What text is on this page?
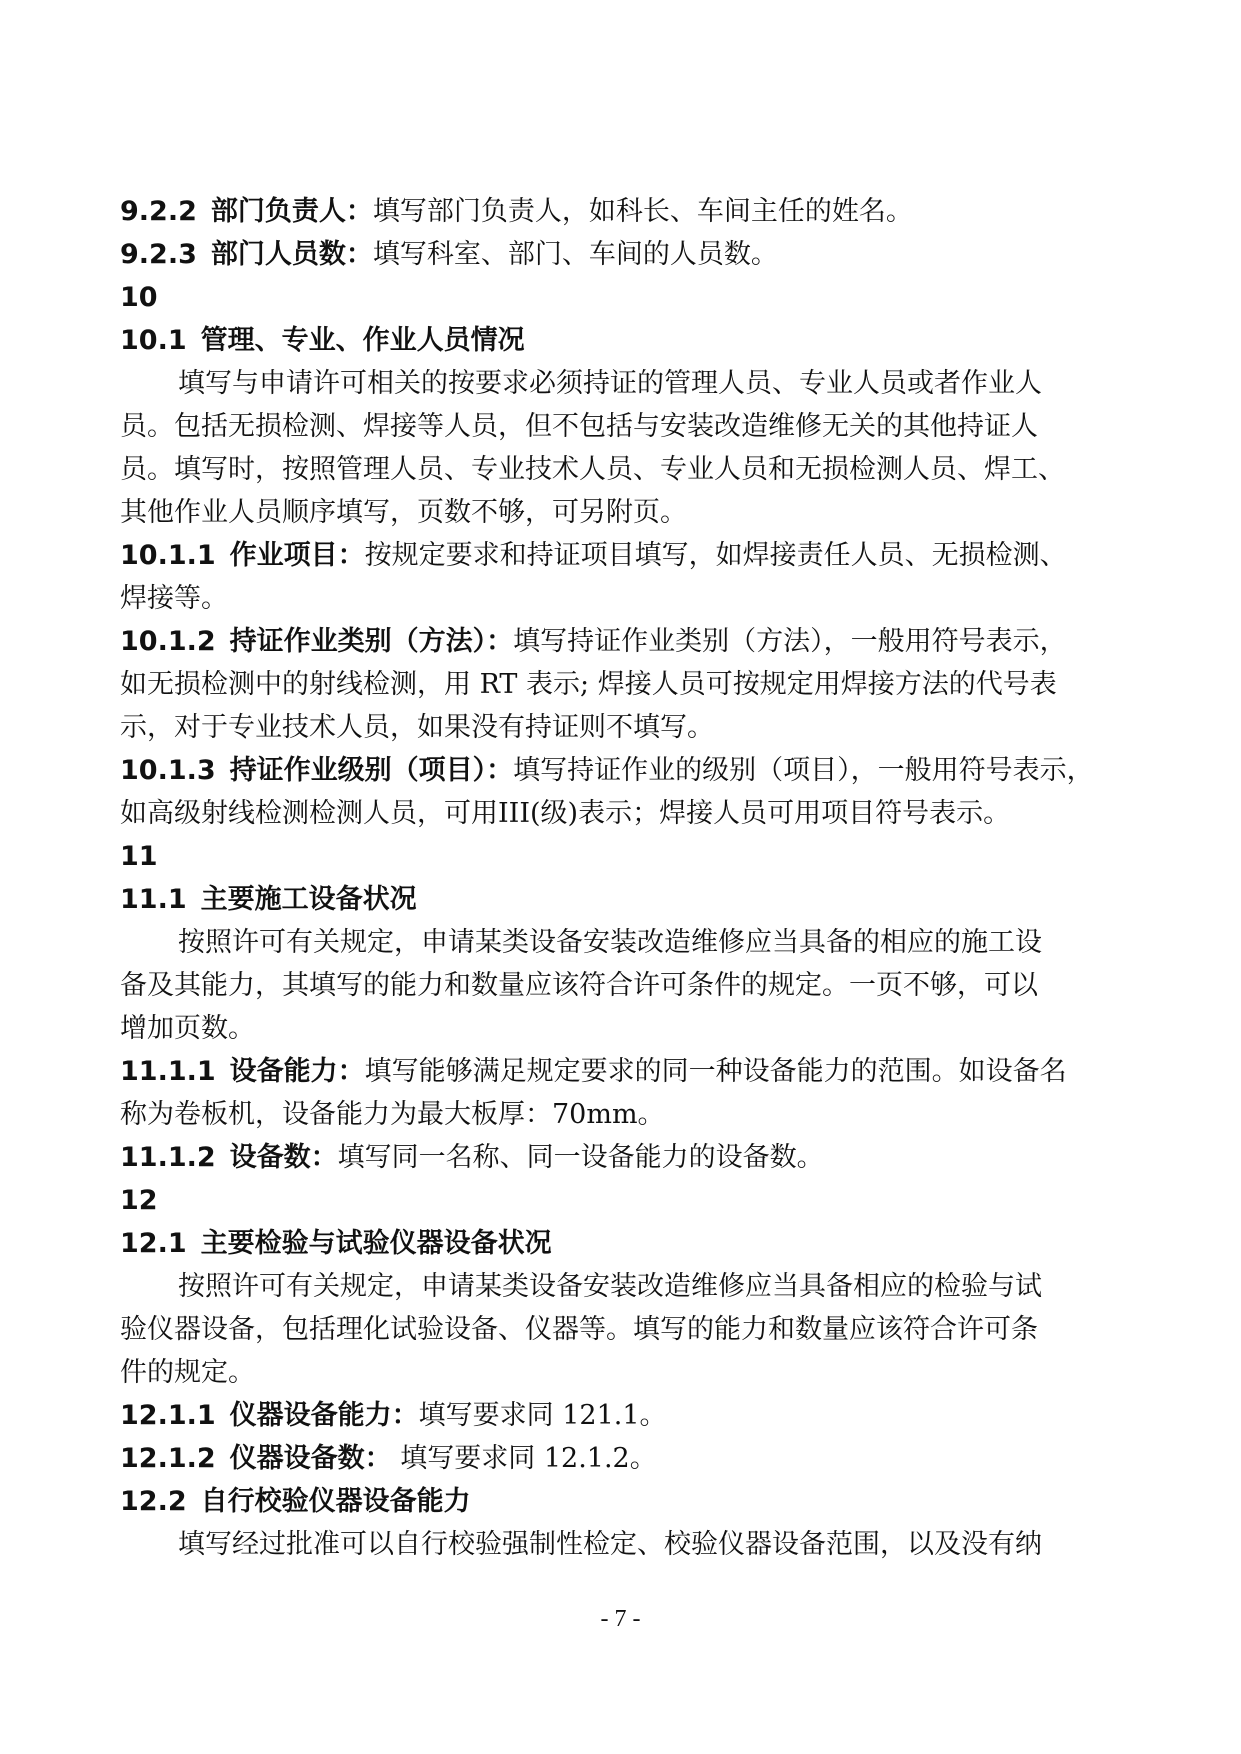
9.2.2 部门负责人：填写部门负责人，如科长、车间主任的姓名。
9.2.3 部门人员数：填写科室、部门、车间的人员数。
10
10.1 管理、专业、作业人员情况
填写与申请许可相关的按要求必须持证的管理人员、专业人员或者作业人
员。包括无损检测、焊接等人员，但不包括与安装改造维修无关的其他持证人
员。填写时，按照管理人员、专业技术人员、专业人员和无损检测人员、焊工、
其他作业人员顺序填写，页数不够，可另附页。
10.1.1 作业项目：按规定要求和持证项目填写，如焊接责任人员、无损检测、
焊接等。
10.1.2 持证作业类别（方法）：填写持证作业类别（方法），一般用符号表示，
如无损检测中的射线检测，用 RT 表示; 焊接人员可按规定用焊接方法的代号表
示，对于专业技术人员，如果没有持证则不填写。
10.1.3 持证作业级别（项目）：填写持证作业的级别（项目），一般用符号表示，
如高级射线检测检测人员，可用III(级)表示；焊接人员可用项目符号表示。
11
11.1 主要施工设备状况
按照许可有关规定，申请某类设备安装改造维修应当具备的相应的施工设
备及其能力，其填写的能力和数量应该符合许可条件的规定。一页不够，可以
增加页数。
11.1.1 设备能力：填写能够满足规定要求的同一种设备能力的范围。如设备名
称为卷板机，设备能力为最大板厚：70mm。
11.1.2 设备数：填写同一名称、同一设备能力的设备数。
12
12.1 主要检验与试验仪器设备状况
按照许可有关规定，申请某类设备安装改造维修应当具备相应的检验与试
验仪器设备，包括理化试验设备、仪器等。填写的能力和数量应该符合许可条
件的规定。
12.1.1 仪器设备能力：填写要求同 121.1。
12.1.2 仪器设备数： 填写要求同 12.1.2。
12.2 自行校验仪器设备能力
填写经过批准可以自行校验强制性检定、校验仪器设备范围，以及没有纳
- 7 -
